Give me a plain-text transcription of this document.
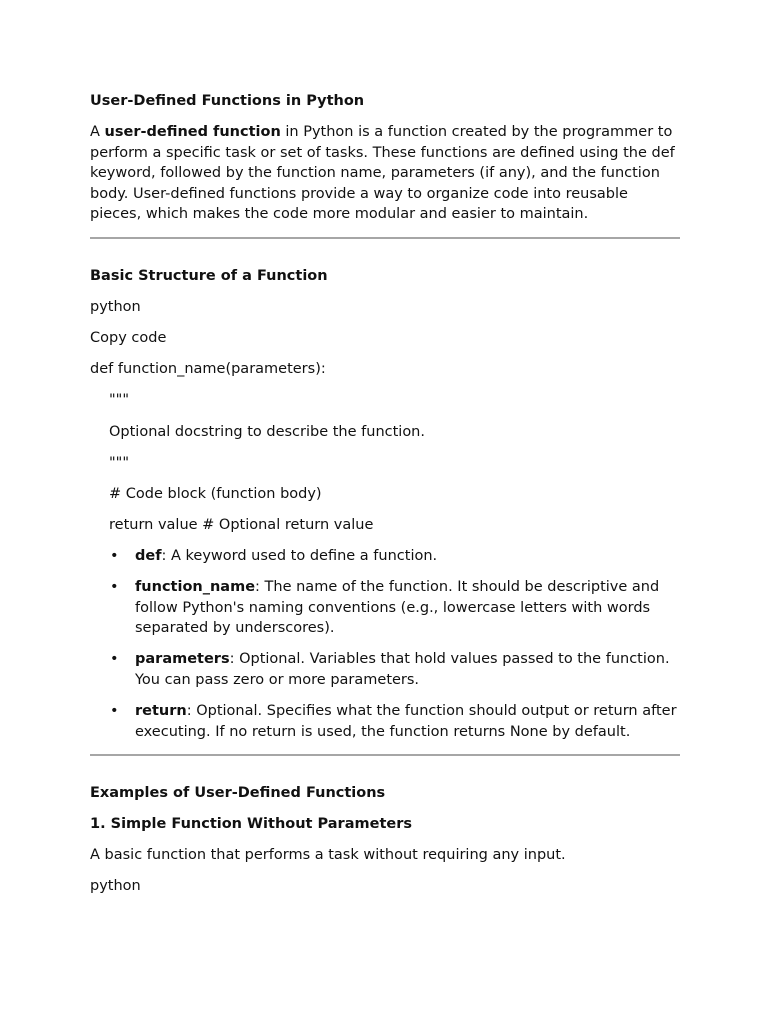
User-Defined Functions in Python

A user-defined function in Python is a function created by the programmer to perform a specific task or set of tasks. These functions are defined using the def keyword, followed by the function name, parameters (if any), and the function body. User-defined functions provide a way to organize code into reusable pieces, which makes the code more modular and easier to maintain.

Basic Structure of a Function

python

Copy code

def function_name(parameters):

"""

Optional docstring to describe the function.

"""

# Code block (function body)

return value # Optional return value

• def: A keyword used to define a function.
• function_name: The name of the function. It should be descriptive and follow Python's naming conventions (e.g., lowercase letters with words separated by underscores).
• parameters: Optional. Variables that hold values passed to the function. You can pass zero or more parameters.
• return: Optional. Specifies what the function should output or return after executing. If no return is used, the function returns None by default.
Examples of User-Defined Functions
1. Simple Function Without Parameters

A basic function that performs a task without requiring any input.

python
